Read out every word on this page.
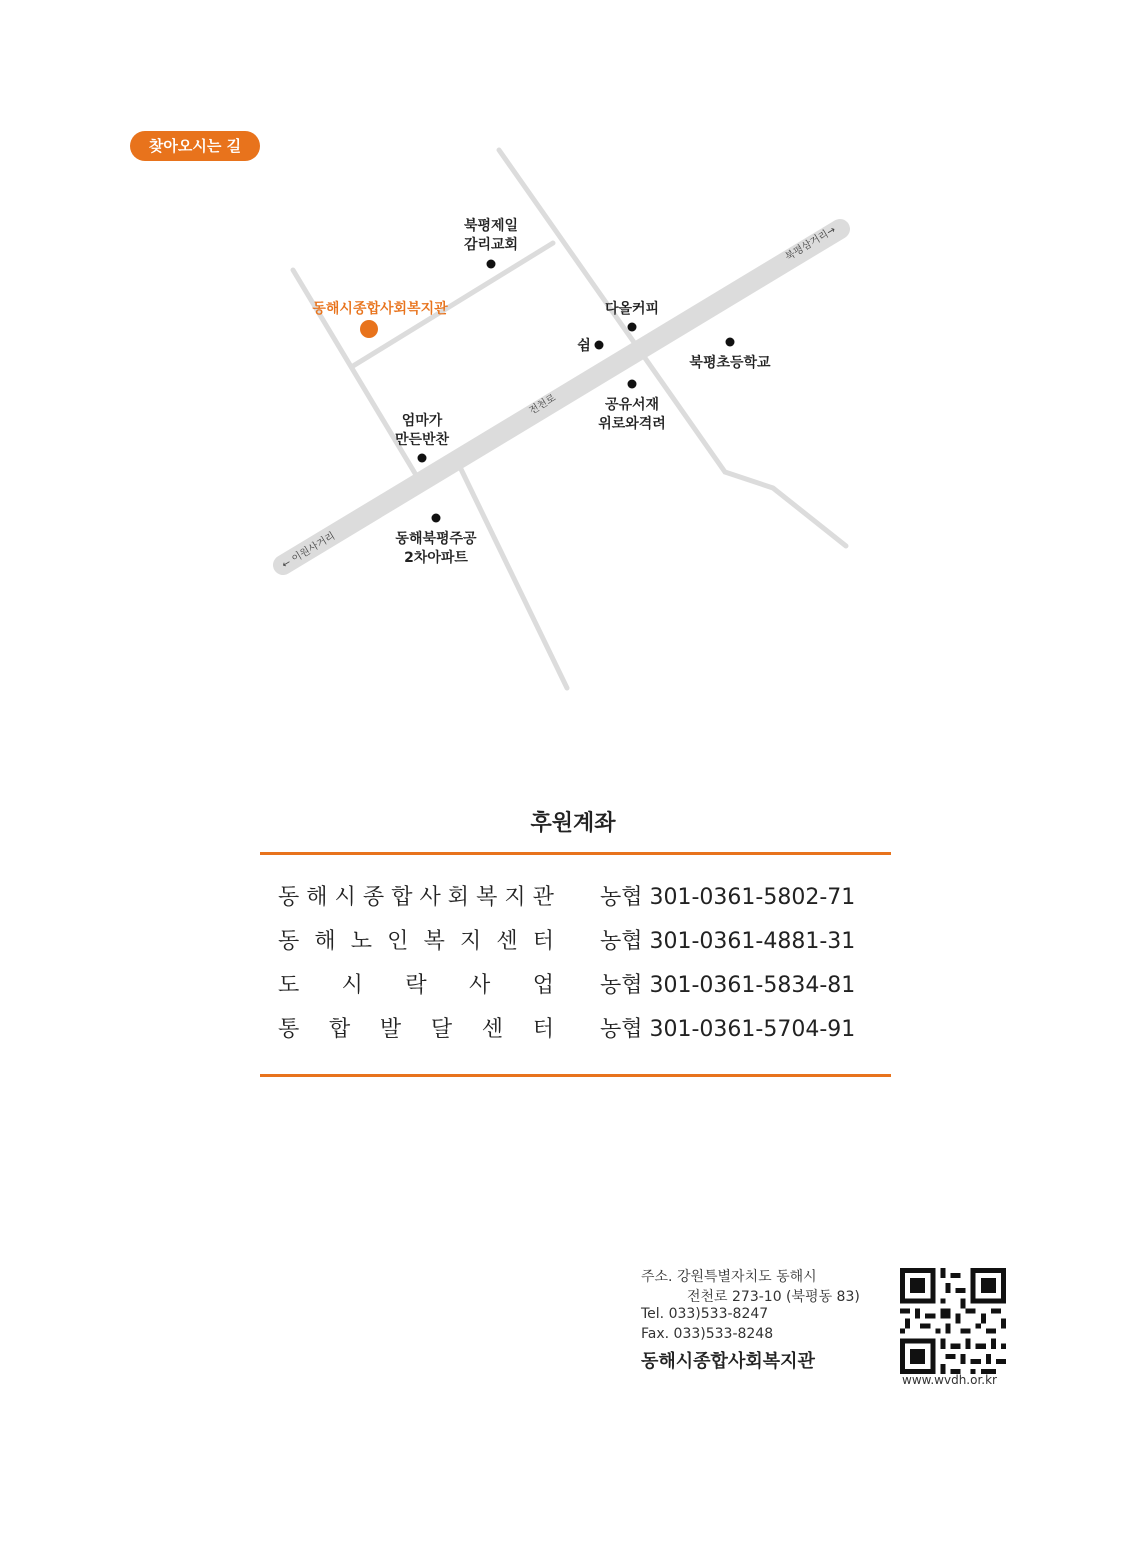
찾아오시는 길
동해시종합사회복지관
북평제일
감리교회
다올커피
쉼
북평초등학교
공유서재
위로와격려
엄마가
만든반찬
동해북평주공
2차아파트
전천로
북평삼거리→
← 이원사거리
후원계좌
동 해 시 종 합 사 회 복 지 관 농협 301-0361-5802-71
동 해 노 인 복 지 센 터 농협 301-0361-4881-31
도 시 락 사 업 농협 301-0361-5834-81
통 합 발 달 센 터 농협 301-0361-5704-91
주소. 강원특별자치도 동해시
전천로 273-10 (북평동 83)
Tel. 033)533-8247
Fax. 033)533-8248
동해시종합사회복지관
www.wvdh.or.kr
